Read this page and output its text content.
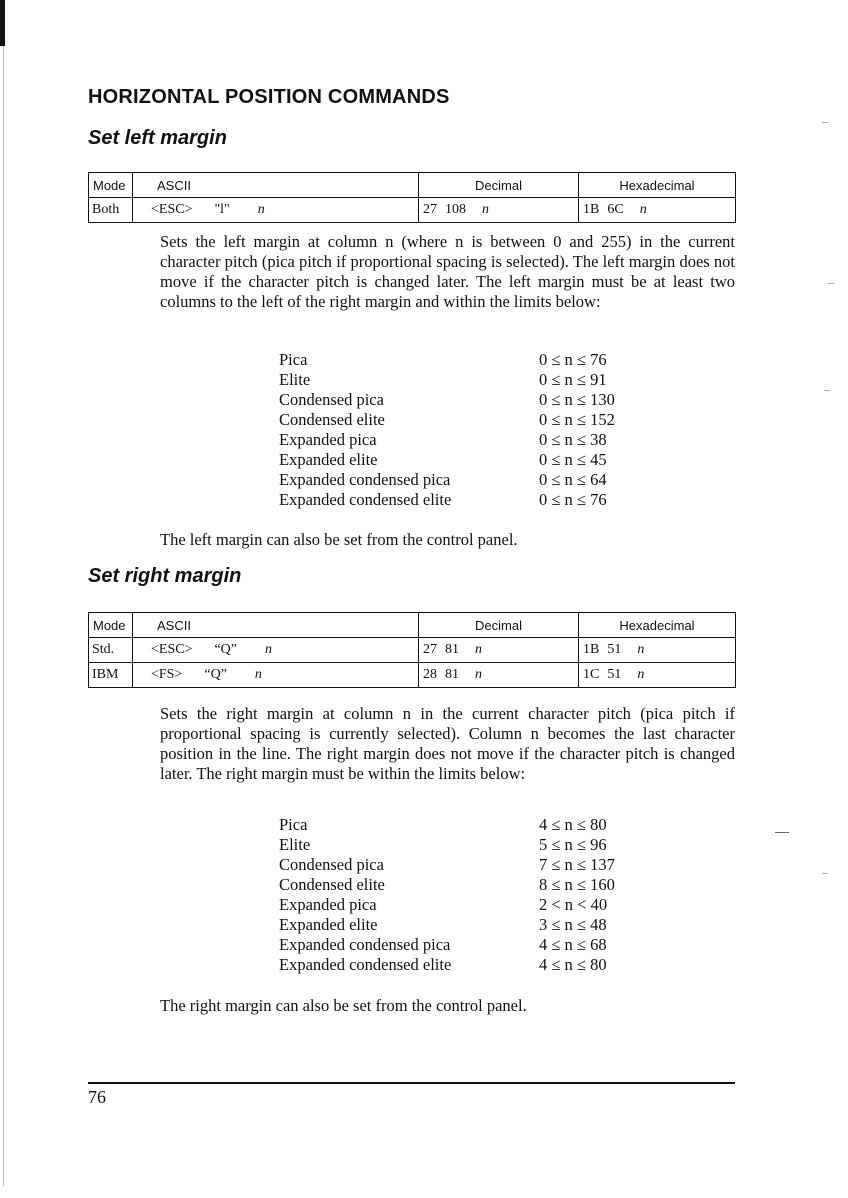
HORIZONTAL POSITION COMMANDS
Set left margin
Mode	ASCII	Decimal	Hexadecimal
Both	<ESC> "l" n	27 108 n	1B 6C n

Sets the left margin at column n (where n is between 0 and 255) in the current character pitch (pica pitch if proportional spacing is selected). The left margin does not move if the character pitch is changed later. The left margin must be at least two columns to the left of the right margin and within the limits below:

Pica	0 ≤ n ≤ 76
Elite	0 ≤ n ≤ 91
Condensed pica	0 ≤ n ≤ 130
Condensed elite	0 ≤ n ≤ 152
Expanded pica	0 ≤ n ≤ 38
Expanded elite	0 ≤ n ≤ 45
Expanded condensed pica	0 ≤ n ≤ 64
Expanded condensed elite	0 ≤ n ≤ 76

The left margin can also be set from the control panel.

Set right margin
Mode	ASCII	Decimal	Hexadecimal
Std.	<ESC> “Q” n	27 81 n	1B 51 n
IBM	<FS> “Q” n	28 81 n	1C 51 n

Sets the right margin at column n in the current character pitch (pica pitch if proportional spacing is currently selected). Column n becomes the last character position in the line. The right margin does not move if the character pitch is changed later. The right margin must be within the limits below:

Pica	4 ≤ n ≤ 80
Elite	5 ≤ n ≤ 96
Condensed pica	7 ≤ n ≤ 137
Condensed elite	8 ≤ n ≤ 160
Expanded pica	2 < n < 40
Expanded elite	3 ≤ n ≤ 48
Expanded condensed pica	4 ≤ n ≤ 68
Expanded condensed elite	4 ≤ n ≤ 80

The right margin can also be set from the control panel.

76
